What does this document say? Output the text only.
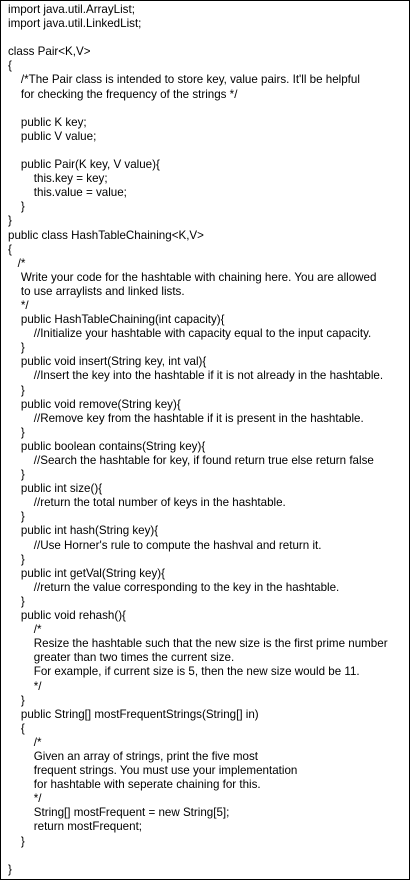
import java.util.ArrayList;
import java.util.LinkedList;
class Pair<K,V>
{
/*The Pair class is intended to store key, value pairs. It'll be helpful
for checking the frequency of the strings */
public K key;
public V value;
public Pair(K key, V value){
this.key = key;
this.value = value;
}
}
public class HashTableChaining<K,V>
{
/*
Write your code for the hashtable with chaining here. You are allowed
to use arraylists and linked lists.
*/
public HashTableChaining(int capacity){
//Initialize your hashtable with capacity equal to the input capacity.
}
public void insert(String key, int val){
//Insert the key into the hashtable if it is not already in the hashtable.
}
public void remove(String key){
//Remove key from the hashtable if it is present in the hashtable.
}
public boolean contains(String key){
//Search the hashtable for key, if found return true else return false
}
public int size(){
//return the total number of keys in the hashtable.
}
public int hash(String key){
//Use Horner's rule to compute the hashval and return it.
}
public int getVal(String key){
//return the value corresponding to the key in the hashtable.
}
public void rehash(){
/*
Resize the hashtable such that the new size is the first prime number
greater than two times the current size.
For example, if current size is 5, then the new size would be 11.
*/
}
public String[] mostFrequentStrings(String[] in)
{
/*
Given an array of strings, print the five most
frequent strings. You must use your implementation
for hashtable with seperate chaining for this.
*/
String[] mostFrequent = new String[5];
return mostFrequent;
}
}
